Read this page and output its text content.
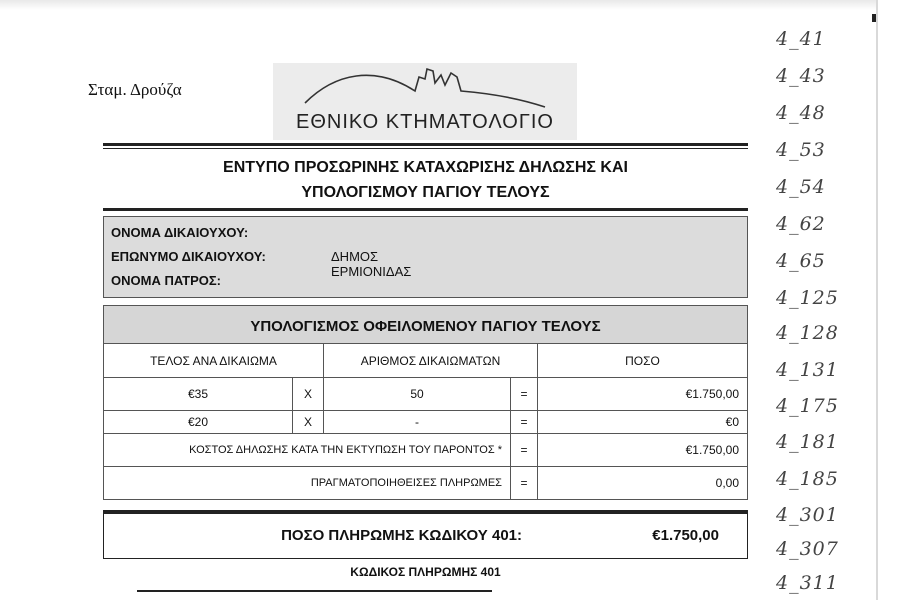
Σταμ. Δρούζα
ΕΘΝΙΚΟ ΚΤΗΜΑΤΟΛΟΓΙΟ
ΕΝΤΥΠΟ ΠΡΟΣΩΡΙΝΗΣ ΚΑΤΑΧΩΡΙΣΗΣ ΔΗΛΩΣΗΣ ΚΑΙ
ΥΠΟΛΟΓΙΣΜΟΥ ΠΑΓΙΟΥ ΤΕΛΟΥΣ
ΟΝΟΜΑ ΔΙΚΑΙΟΥΧΟΥ:
ΕΠΩΝΥΜΟ ΔΙΚΑΙΟΥΧΟΥ:	ΔΗΜΟΣ ΕΡΜΙΟΝΙΔΑΣ
ΟΝΟΜΑ ΠΑΤΡΟΣ:
ΥΠΟΛΟΓΙΣΜΟΣ ΟΦΕΙΛΟΜΕΝΟΥ ΠΑΓΙΟΥ ΤΕΛΟΥΣ
ΤΕΛΟΣ ΑΝΑ ΔΙΚΑΙΩΜΑ		ΑΡΙΘΜΟΣ ΔΙΚΑΙΩΜΑΤΩΝ		ΠΟΣΟ
€35	X	50	=	€1.750,00
€20	X	-	=	€0
ΚΟΣΤΟΣ ΔΗΛΩΣΗΣ ΚΑΤΑ ΤΗΝ ΕΚΤΥΠΩΣΗ ΤΟΥ ΠΑΡΟΝΤΟΣ *			=	€1.750,00
ΠΡΑΓΜΑΤΟΠΟΙΗΘΕΙΣΕΣ ΠΛΗΡΩΜΕΣ			=	0,00
ΠΟΣΟ ΠΛΗΡΩΜΗΣ ΚΩΔΙΚΟΥ 401:	€1.750,00
ΚΩΔΙΚΟΣ ΠΛΗΡΩΜΗΣ 401
4_41
4_43
4_48
4_53
4_54
4_62
4_65
4_125
4_128
4_131
4_175
4_181
4_185
4_301
4_307
4_311
